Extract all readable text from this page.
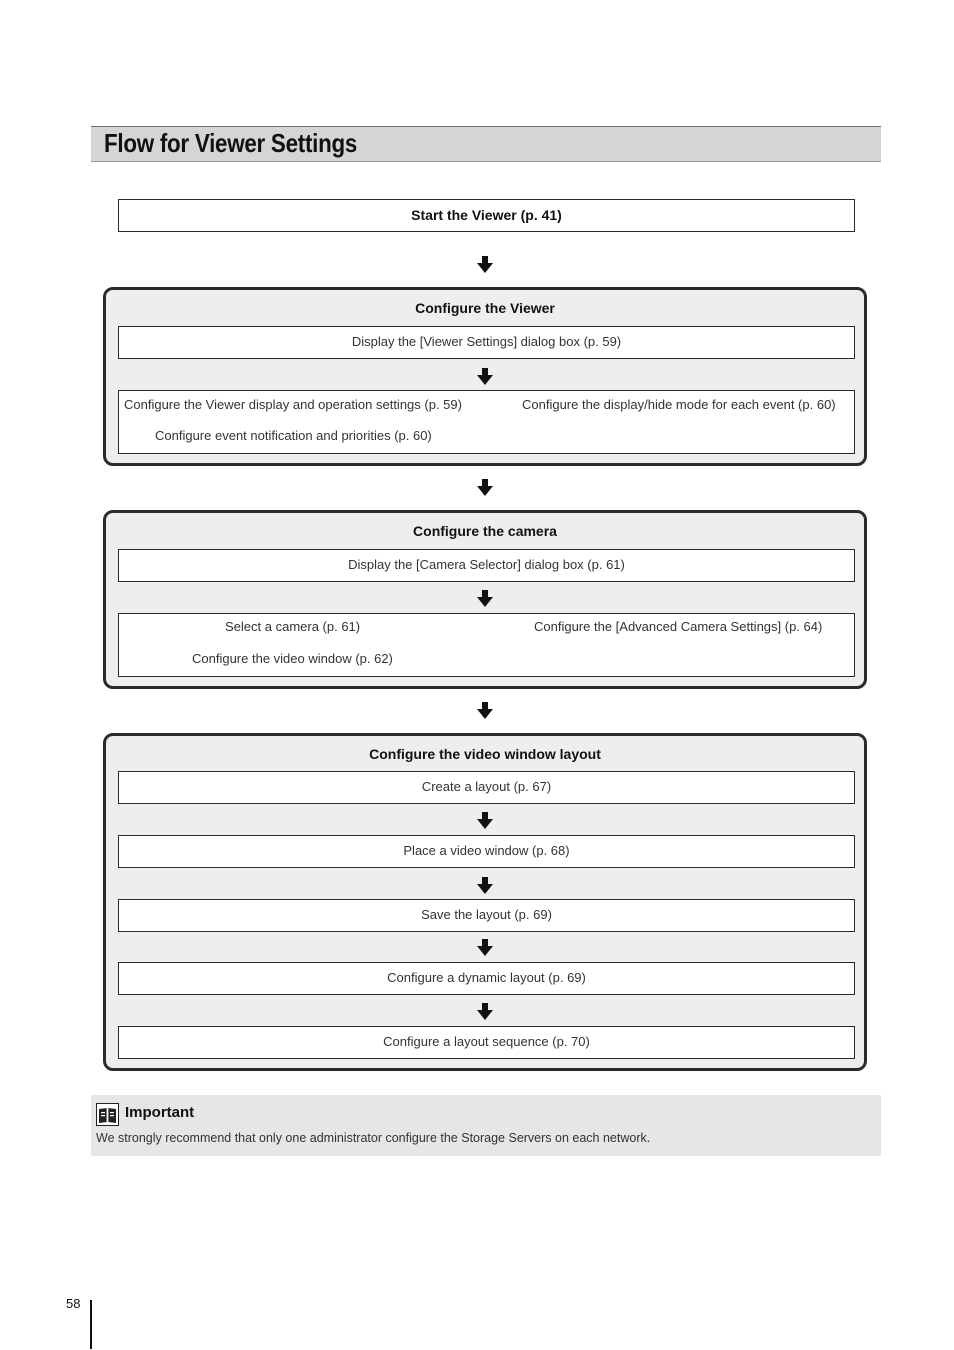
Flow for Viewer Settings
Start the Viewer (p. 41)
Configure the Viewer
Display the [Viewer Settings] dialog box (p. 59)
Configure the Viewer display and operation settings (p. 59)	Configure the display/hide mode for each event (p. 60)
Configure event notification and priorities (p. 60)
Configure the camera
Display the [Camera Selector] dialog box (p. 61)
Select a camera (p. 61)	Configure the [Advanced Camera Settings] (p. 64)
Configure the video window (p. 62)
Configure the video window layout
Create a layout (p. 67)
Place a video window (p. 68)
Save the layout (p. 69)
Configure a dynamic layout (p. 69)
Configure a layout sequence (p. 70)
Important
We strongly recommend that only one administrator configure the Storage Servers on each network.
58
